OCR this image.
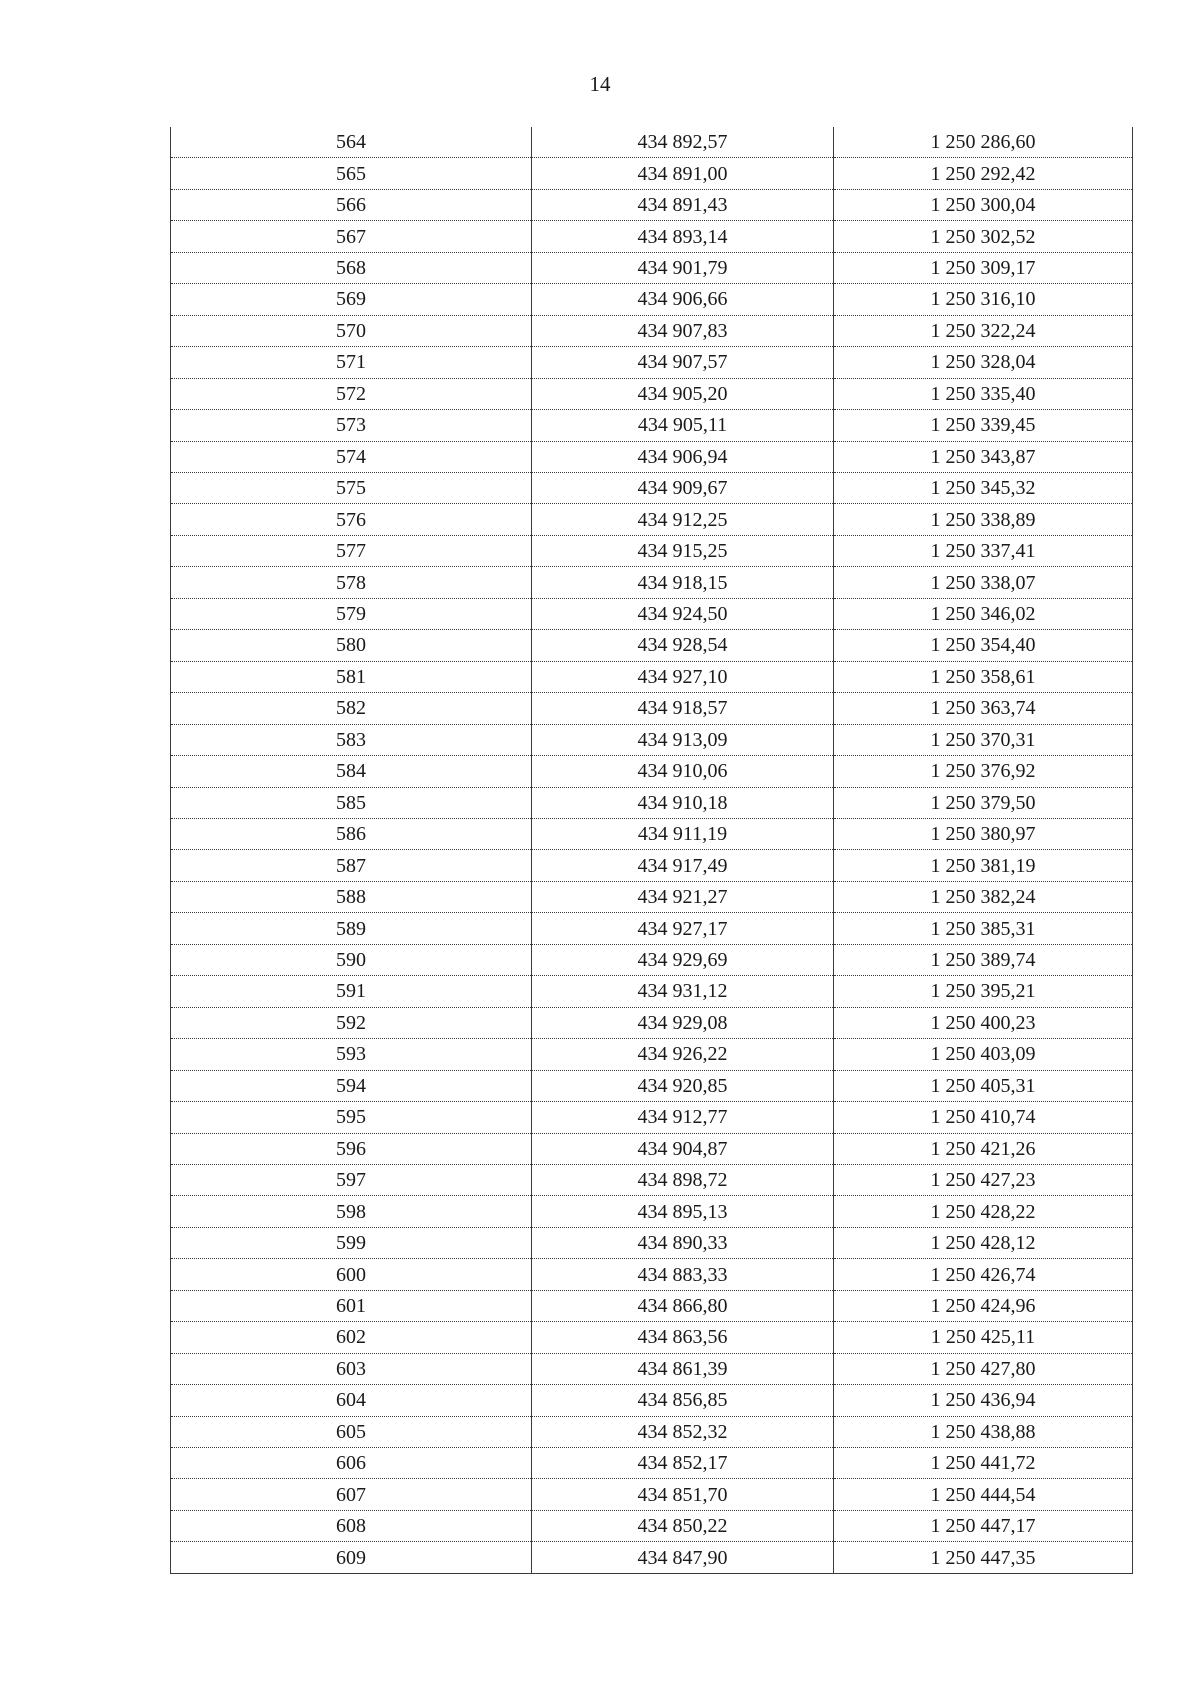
14
564	434 892,57	1 250 286,60
565	434 891,00	1 250 292,42
566	434 891,43	1 250 300,04
567	434 893,14	1 250 302,52
568	434 901,79	1 250 309,17
569	434 906,66	1 250 316,10
570	434 907,83	1 250 322,24
571	434 907,57	1 250 328,04
572	434 905,20	1 250 335,40
573	434 905,11	1 250 339,45
574	434 906,94	1 250 343,87
575	434 909,67	1 250 345,32
576	434 912,25	1 250 338,89
577	434 915,25	1 250 337,41
578	434 918,15	1 250 338,07
579	434 924,50	1 250 346,02
580	434 928,54	1 250 354,40
581	434 927,10	1 250 358,61
582	434 918,57	1 250 363,74
583	434 913,09	1 250 370,31
584	434 910,06	1 250 376,92
585	434 910,18	1 250 379,50
586	434 911,19	1 250 380,97
587	434 917,49	1 250 381,19
588	434 921,27	1 250 382,24
589	434 927,17	1 250 385,31
590	434 929,69	1 250 389,74
591	434 931,12	1 250 395,21
592	434 929,08	1 250 400,23
593	434 926,22	1 250 403,09
594	434 920,85	1 250 405,31
595	434 912,77	1 250 410,74
596	434 904,87	1 250 421,26
597	434 898,72	1 250 427,23
598	434 895,13	1 250 428,22
599	434 890,33	1 250 428,12
600	434 883,33	1 250 426,74
601	434 866,80	1 250 424,96
602	434 863,56	1 250 425,11
603	434 861,39	1 250 427,80
604	434 856,85	1 250 436,94
605	434 852,32	1 250 438,88
606	434 852,17	1 250 441,72
607	434 851,70	1 250 444,54
608	434 850,22	1 250 447,17
609	434 847,90	1 250 447,35
